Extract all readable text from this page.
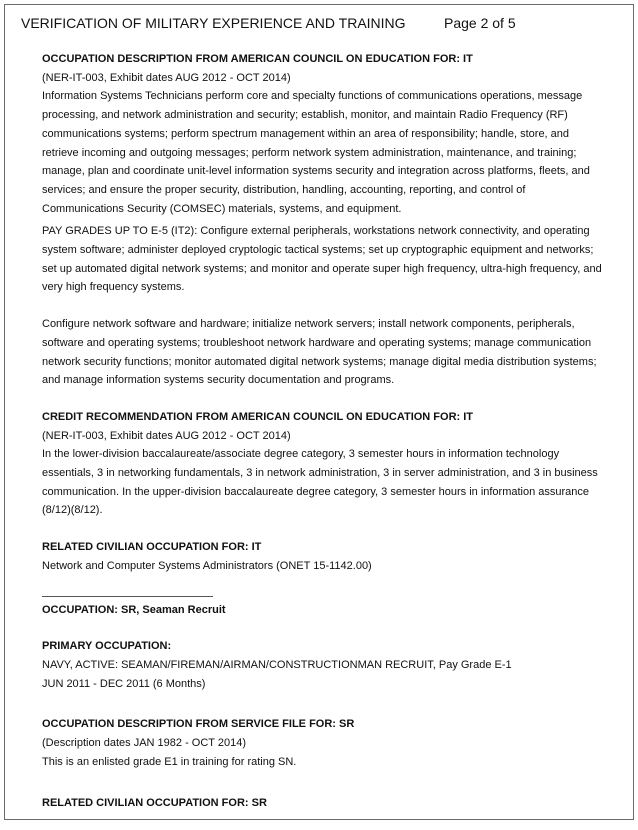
VERIFICATION OF MILITARY EXPERIENCE AND TRAINING	Page 2 of 5

OCCUPATION DESCRIPTION FROM AMERICAN COUNCIL ON EDUCATION FOR: IT

(NER-IT-003, Exhibit dates AUG 2012 - OCT 2014)

Information Systems Technicians perform core and specialty functions of communications operations, message processing, and network administration and security; establish, monitor, and maintain Radio Frequency (RF) communications systems; perform spectrum management within an area of responsibility; handle, store, and retrieve incoming and outgoing messages; perform network system administration, maintenance, and training; manage, plan and coordinate unit-level information systems security and integration across platforms, fleets, and services; and ensure the proper security, distribution, handling, accounting, reporting, and control of Communications Security (COMSEC) materials, systems, and equipment.

PAY GRADES UP TO E-5 (IT2): Configure external peripherals, workstations network connectivity, and operating system software; administer deployed cryptologic tactical systems; set up cryptographic equipment and networks; set up automated digital network systems; and monitor and operate super high frequency, ultra-high frequency, and very high frequency systems.

Configure network software and hardware; initialize network servers; install network components, peripherals, software and operating systems; troubleshoot network hardware and operating systems; manage communication network security functions; monitor automated digital network systems; manage digital media distribution systems; and manage information systems security documentation and programs.

CREDIT RECOMMENDATION FROM AMERICAN COUNCIL ON EDUCATION FOR: IT

(NER-IT-003, Exhibit dates AUG 2012 - OCT 2014)

In the lower-division baccalaureate/associate degree category, 3 semester hours in information technology essentials, 3 in networking fundamentals, 3 in network administration, 3 in server administration, and 3 in business communication. In the upper-division baccalaureate degree category, 3 semester hours in information assurance (8/12)(8/12).

RELATED CIVILIAN OCCUPATION FOR: IT

Network and Computer Systems Administrators (ONET 15-1142.00)

OCCUPATION: SR, Seaman Recruit

PRIMARY OCCUPATION:

NAVY, ACTIVE: SEAMAN/FIREMAN/AIRMAN/CONSTRUCTIONMAN RECRUIT, Pay Grade E-1

JUN 2011 - DEC 2011 (6 Months)

OCCUPATION DESCRIPTION FROM SERVICE FILE FOR: SR

(Description dates JAN 1982 - OCT 2014)

This is an enlisted grade E1 in training for rating SN.

RELATED CIVILIAN OCCUPATION FOR: SR
